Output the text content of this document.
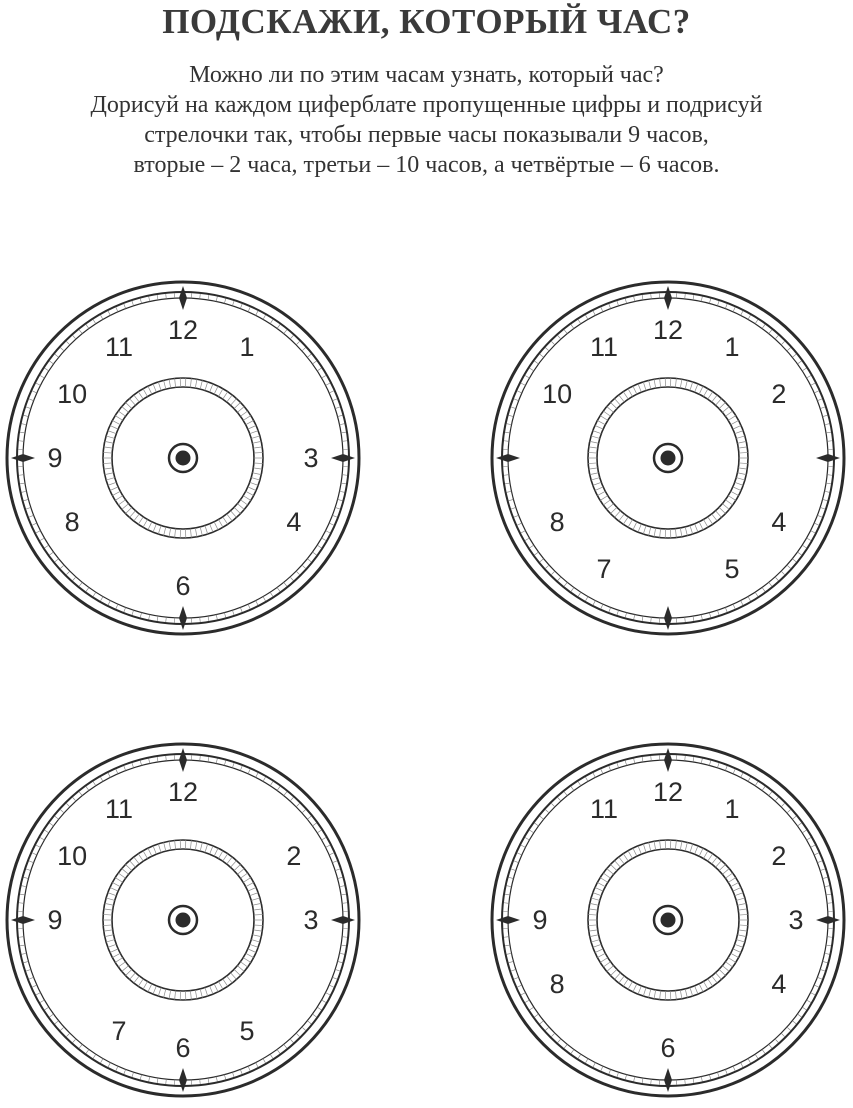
ПОДСКАЖИ, КОТОРЫЙ ЧАС?
Можно ли по этим часам узнать, который час?
Дорисуй на каждом циферблате пропущенные цифры и подрисуй
стрелочки так, чтобы первые часы показывали 9 часов,
вторые – 2 часа, третьи – 10 часов, а четвёртые – 6 часов.
12
1
3
4
6
8
9
10
11
12
1
2
4
5
7
8
10
11
12
2
3
5
6
7
9
10
11
12
1
2
3
4
6
8
9
11
